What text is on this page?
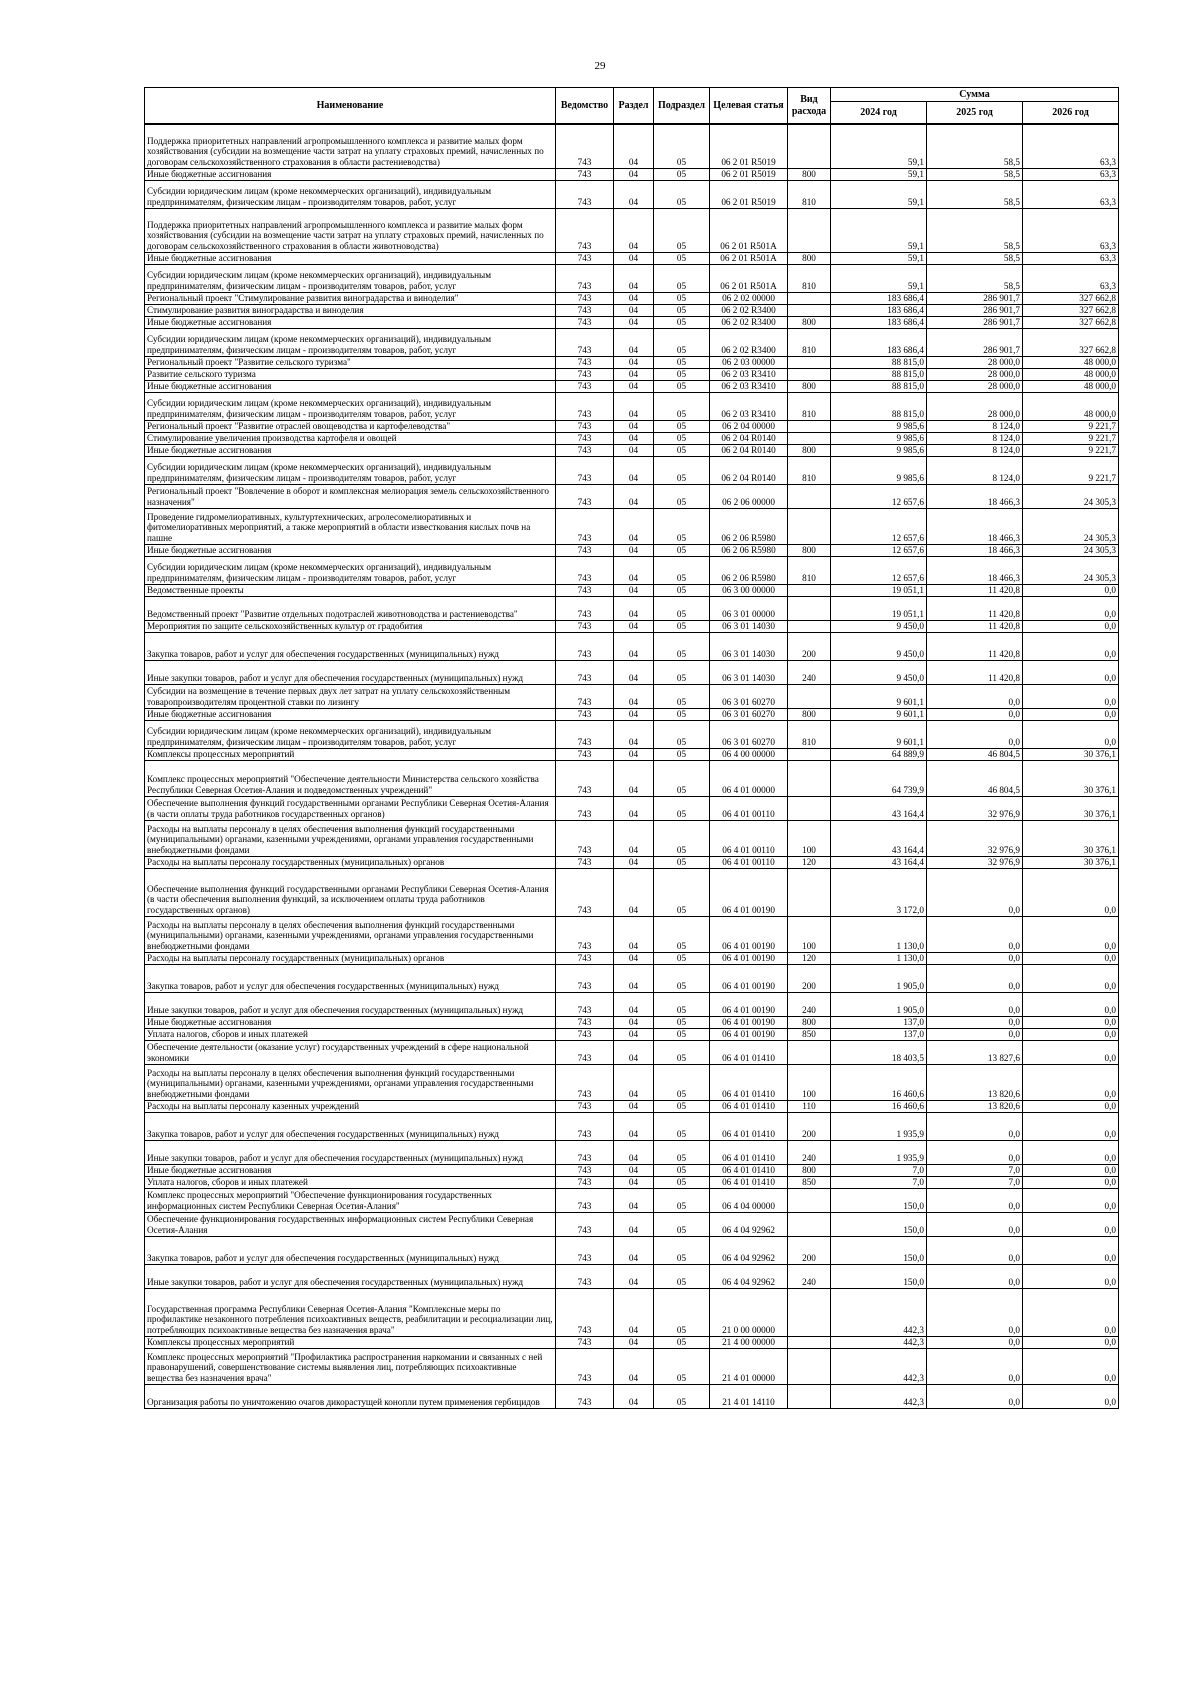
29
Наименование	Ведомство	Раздел	Подраздел	Целевая статья	Вид расхода	Сумма		
						2024 год	2025 год	2026 год
Поддержка приоритетных направлений агропромышленного комплекса и развитие малых форм хозяйствования (субсидии на возмещение части затрат на уплату страховых премий, начисленных по договорам сельскохозяйственного страхования в области растениеводства)	743	04	05	06 2 01 R5019		59,1	58,5	63,3
Иные бюджетные ассигнования	743	04	05	06 2 01 R5019	800	59,1	58,5	63,3
Субсидии юридическим лицам (кроме некоммерческих организаций), индивидуальным предпринимателям, физическим лицам - производителям товаров, работ, услуг	743	04	05	06 2 01 R5019	810	59,1	58,5	63,3
Поддержка приоритетных направлений агропромышленного комплекса и развитие малых форм хозяйствования (субсидии на возмещение части затрат на уплату страховых премий, начисленных по договорам сельскохозяйственного страхования в области животноводства)	743	04	05	06 2 01 R501A		59,1	58,5	63,3
Иные бюджетные ассигнования	743	04	05	06 2 01 R501A	800	59,1	58,5	63,3
Субсидии юридическим лицам (кроме некоммерческих организаций), индивидуальным предпринимателям, физическим лицам - производителям товаров, работ, услуг	743	04	05	06 2 01 R501A	810	59,1	58,5	63,3
Региональный проект "Стимулирование развития виноградарства и виноделия"	743	04	05	06 2 02 00000		183 686,4	286 901,7	327 662,8
Стимулирование развития виноградарства и виноделия	743	04	05	06 2 02 R3400		183 686,4	286 901,7	327 662,8
Иные бюджетные ассигнования	743	04	05	06 2 02 R3400	800	183 686,4	286 901,7	327 662,8
Субсидии юридическим лицам (кроме некоммерческих организаций), индивидуальным предпринимателям, физическим лицам - производителям товаров, работ, услуг	743	04	05	06 2 02 R3400	810	183 686,4	286 901,7	327 662,8
Региональный проект "Развитие сельского туризма"	743	04	05	06 2 03 00000		88 815,0	28 000,0	48 000,0
Развитие сельского туризма	743	04	05	06 2 03 R3410		88 815,0	28 000,0	48 000,0
Иные бюджетные ассигнования	743	04	05	06 2 03 R3410	800	88 815,0	28 000,0	48 000,0
Субсидии юридическим лицам (кроме некоммерческих организаций), индивидуальным предпринимателям, физическим лицам - производителям товаров, работ, услуг	743	04	05	06 2 03 R3410	810	88 815,0	28 000,0	48 000,0
Региональный проект "Развитие отраслей овощеводства и картофелеводства"	743	04	05	06 2 04 00000		9 985,6	8 124,0	9 221,7
Стимулирование увеличения производства картофеля и овощей	743	04	05	06 2 04 R0140		9 985,6	8 124,0	9 221,7
Иные бюджетные ассигнования	743	04	05	06 2 04 R0140	800	9 985,6	8 124,0	9 221,7
Субсидии юридическим лицам (кроме некоммерческих организаций), индивидуальным предпринимателям, физическим лицам - производителям товаров, работ, услуг	743	04	05	06 2 04 R0140	810	9 985,6	8 124,0	9 221,7
Региональный проект "Вовлечение в оборот и комплексная мелиорация земель сельскохозяйственного назначения"	743	04	05	06 2 06 00000		12 657,6	18 466,3	24 305,3
Проведение гидромелиоративных, культуртехнических, агролесомелиоративных и фитомелиоративных мероприятий, а также мероприятий в области известкования кислых почв на пашне	743	04	05	06 2 06 R5980		12 657,6	18 466,3	24 305,3
Иные бюджетные ассигнования	743	04	05	06 2 06 R5980	800	12 657,6	18 466,3	24 305,3
Субсидии юридическим лицам (кроме некоммерческих организаций), индивидуальным предпринимателям, физическим лицам - производителям товаров, работ, услуг	743	04	05	06 2 06 R5980	810	12 657,6	18 466,3	24 305,3
Ведомственные проекты	743	04	05	06 3 00 00000		19 051,1	11 420,8	0,0
Ведомственный проект "Развитие отдельных подотраслей животноводства и растениеводства"	743	04	05	06 3 01 00000		19 051,1	11 420,8	0,0
Мероприятия по защите сельскохозяйственных культур от градобития	743	04	05	06 3 01 14030		9 450,0	11 420,8	0,0
Закупка товаров, работ и услуг для обеспечения государственных (муниципальных) нужд	743	04	05	06 3 01 14030	200	9 450,0	11 420,8	0,0
Иные закупки товаров, работ и услуг для обеспечения государственных (муниципальных) нужд	743	04	05	06 3 01 14030	240	9 450,0	11 420,8	0,0
Субсидии на возмещение в течение первых двух лет затрат на уплату сельскохозяйственным товаропроизводителям процентной ставки по лизингу	743	04	05	06 3 01 60270		9 601,1	0,0	0,0
Иные бюджетные ассигнования	743	04	05	06 3 01 60270	800	9 601,1	0,0	0,0
Субсидии юридическим лицам (кроме некоммерческих организаций), индивидуальным предпринимателям, физическим лицам - производителям товаров, работ, услуг	743	04	05	06 3 01 60270	810	9 601,1	0,0	0,0
Комплексы процессных мероприятий	743	04	05	06 4 00 00000		64 889,9	46 804,5	30 376,1
Комплекс процессных мероприятий "Обеспечение деятельности Министерства сельского хозяйства Республики Северная Осетия-Алания и подведомственных учреждений"	743	04	05	06 4 01 00000		64 739,9	46 804,5	30 376,1
Обеспечение выполнения функций государственными органами Республики Северная Осетия-Алания (в части оплаты труда работников государственных органов)	743	04	05	06 4 01 00110		43 164,4	32 976,9	30 376,1
Расходы на выплаты персоналу в целях обеспечения выполнения функций государственными (муниципальными) органами, казенными учреждениями, органами управления государственными внебюджетными фондами	743	04	05	06 4 01 00110	100	43 164,4	32 976,9	30 376,1
Расходы на выплаты персоналу государственных (муниципальных) органов	743	04	05	06 4 01 00110	120	43 164,4	32 976,9	30 376,1
Обеспечение выполнения функций государственными органами Республики Северная Осетия-Алания (в части обеспечения выполнения функций, за исключением оплаты труда работников государственных органов)	743	04	05	06 4 01 00190		3 172,0	0,0	0,0
Расходы на выплаты персоналу в целях обеспечения выполнения функций государственными (муниципальными) органами, казенными учреждениями, органами управления государственными внебюджетными фондами	743	04	05	06 4 01 00190	100	1 130,0	0,0	0,0
Расходы на выплаты персоналу государственных (муниципальных) органов	743	04	05	06 4 01 00190	120	1 130,0	0,0	0,0
Закупка товаров, работ и услуг для обеспечения государственных (муниципальных) нужд	743	04	05	06 4 01 00190	200	1 905,0	0,0	0,0
Иные закупки товаров, работ и услуг для обеспечения государственных (муниципальных) нужд	743	04	05	06 4 01 00190	240	1 905,0	0,0	0,0
Иные бюджетные ассигнования	743	04	05	06 4 01 00190	800	137,0	0,0	0,0
Уплата налогов, сборов и иных платежей	743	04	05	06 4 01 00190	850	137,0	0,0	0,0
Обеспечение деятельности (оказание услуг) государственных учреждений в сфере национальной экономики	743	04	05	06 4 01 01410		18 403,5	13 827,6	0,0
Расходы на выплаты персоналу в целях обеспечения выполнения функций государственными (муниципальными) органами, казенными учреждениями, органами управления государственными внебюджетными фондами	743	04	05	06 4 01 01410	100	16 460,6	13 820,6	0,0
Расходы на выплаты персоналу казенных учреждений	743	04	05	06 4 01 01410	110	16 460,6	13 820,6	0,0
Закупка товаров, работ и услуг для обеспечения государственных (муниципальных) нужд	743	04	05	06 4 01 01410	200	1 935,9	0,0	0,0
Иные закупки товаров, работ и услуг для обеспечения государственных (муниципальных) нужд	743	04	05	06 4 01 01410	240	1 935,9	0,0	0,0
Иные бюджетные ассигнования	743	04	05	06 4 01 01410	800	7,0	7,0	0,0
Уплата налогов, сборов и иных платежей	743	04	05	06 4 01 01410	850	7,0	7,0	0,0
Комплекс процессных мероприятий "Обеспечение функционирования государственных информационных систем Республики Северная Осетия-Алания"	743	04	05	06 4 04 00000		150,0	0,0	0,0
Обеспечение функционирования государственных информационных систем Республики Северная Осетия-Алания	743	04	05	06 4 04 92962		150,0	0,0	0,0
Закупка товаров, работ и услуг для обеспечения государственных (муниципальных) нужд	743	04	05	06 4 04 92962	200	150,0	0,0	0,0
Иные закупки товаров, работ и услуг для обеспечения государственных (муниципальных) нужд	743	04	05	06 4 04 92962	240	150,0	0,0	0,0
Государственная программа Республики Северная Осетия-Алания "Комплексные меры по профилактике незаконного потребления психоактивных веществ, реабилитации и ресоциализации лиц, потребляющих психоактивные вещества без назначения врача"	743	04	05	21 0 00 00000		442,3	0,0	0,0
Комплексы процессных мероприятий	743	04	05	21 4 00 00000		442,3	0,0	0,0
Комплекс процессных мероприятий "Профилактика распространения наркомании и связанных с ней правонарушений, совершенствование системы выявления лиц, потребляющих психоактивные вещества без назначения врача"	743	04	05	21 4 01 00000		442,3	0,0	0,0
Организация работы по уничтожению очагов дикорастущей конопли путем применения гербицидов	743	04	05	21 4 01 14110		442,3	0,0	0,0
